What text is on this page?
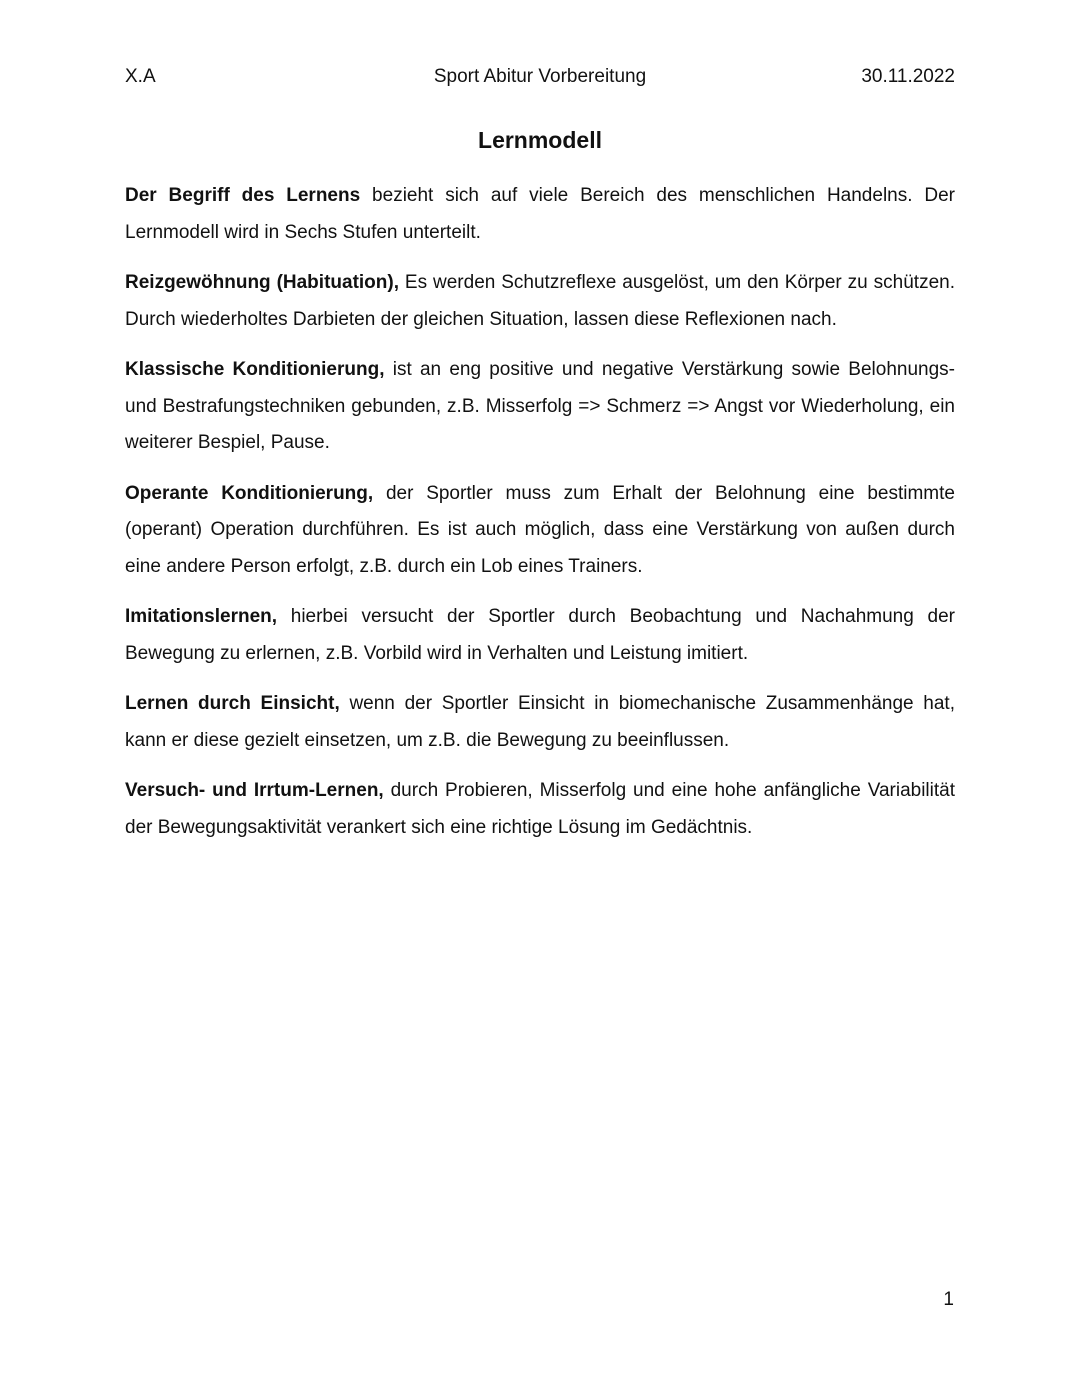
X.A	Sport Abitur Vorbereitung	30.11.2022
Lernmodell

Der Begriff des Lernens bezieht sich auf viele Bereich des menschlichen Handelns. Der Lernmodell wird in Sechs Stufen unterteilt.

Reizgewöhnung (Habituation), Es werden Schutzreflexe ausgelöst, um den Körper zu schützen. Durch wiederholtes Darbieten der gleichen Situation, lassen diese Reflexionen nach.

Klassische Konditionierung, ist an eng positive und negative Verstärkung sowie Belohnungs- und Bestrafungstechniken gebunden, z.B. Misserfolg => Schmerz => Angst vor Wiederholung, ein weiterer Bespiel, Pause.

Operante Konditionierung, der Sportler muss zum Erhalt der Belohnung eine bestimmte (operant) Operation durchführen. Es ist auch möglich, dass eine Verstärkung von außen durch eine andere Person erfolgt, z.B. durch ein Lob eines Trainers.

Imitationslernen, hierbei versucht der Sportler durch Beobachtung und Nachahmung der Bewegung zu erlernen, z.B. Vorbild wird in Verhalten und Leistung imitiert.

Lernen durch Einsicht, wenn der Sportler Einsicht in biomechanische Zusammenhänge hat, kann er diese gezielt einsetzen, um z.B. die Bewegung zu beeinflussen.

Versuch- und Irrtum-Lernen, durch Probieren, Misserfolg und eine hohe anfängliche Variabilität der Bewegungsaktivität verankert sich eine richtige Lösung im Gedächtnis.

1
